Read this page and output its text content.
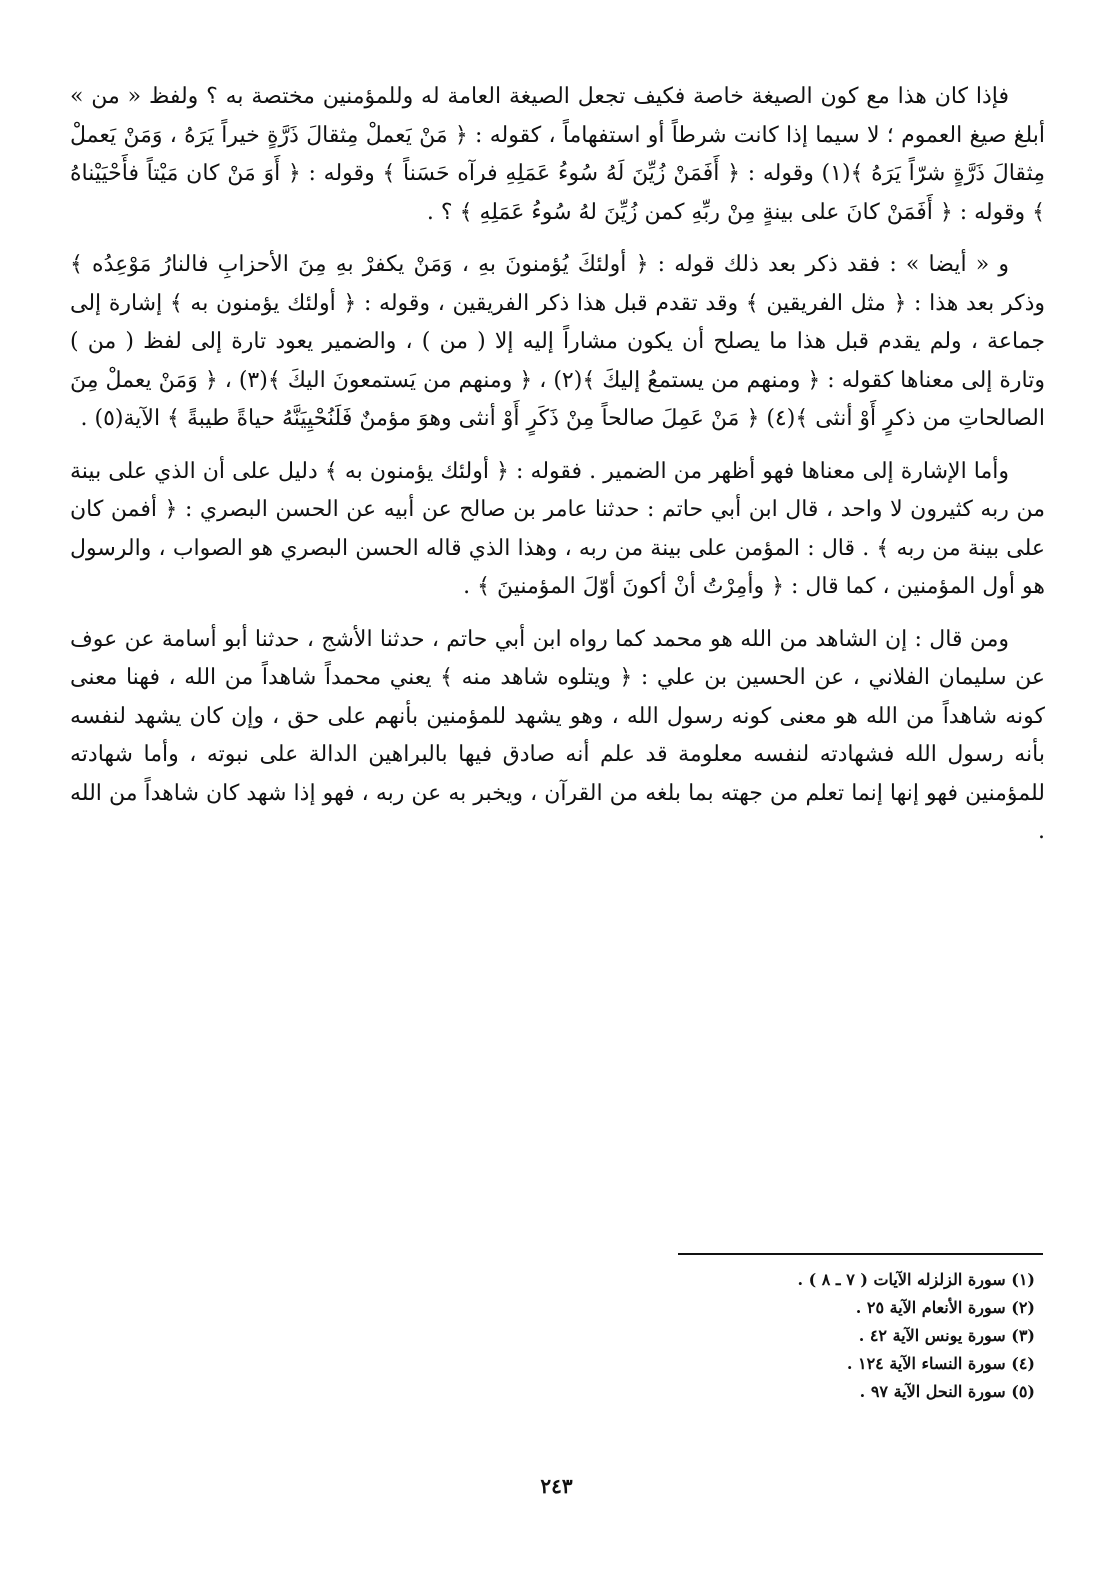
فإذا كان هذا مع كون الصيغة خاصة فكيف تجعل الصيغة العامة له وللمؤمنين مختصة به ؟ ولفظ « من » أبلغ صيغ العموم ؛ لا سيما إذا كانت شرطاً أو استفهاماً ، كقوله : ﴿ مَنْ يَعملْ مِثقالَ ذَرَّةٍ خيراً يَرَهُ ، وَمَنْ يَعملْ مِثقالَ ذَرَّةٍ شرّاً يَرَهُ ﴾(١) وقوله : ﴿ أَفَمَنْ زُيِّنَ لَهُ سُوءُ عَمَلِهِ فرآه حَسَناً ﴾ وقوله : ﴿ أَوَ مَنْ كان مَيْتاً فأَحْيَيْناهُ ﴾ وقوله : ﴿ أَفَمَنْ كانَ على بينةٍ مِنْ ربِّهِ كمن زُيِّنَ لهُ سُوءُ عَمَلِهِ ﴾ ؟ .

و « أيضا » : فقد ذكر بعد ذلك قوله : ﴿ أولئكَ يُؤمنونَ بهِ ، وَمَنْ يكفرْ بهِ مِنَ الأحزابِ فالنارُ مَوْعِدُه ﴾ وذكر بعد هذا : ﴿ مثل الفريقين ﴾ وقد تقدم قبل هذا ذكر الفريقين ، وقوله : ﴿ أولئك يؤمنون به ﴾ إشارة إلى جماعة ، ولم يقدم قبل هذا ما يصلح أن يكون مشاراً إليه إلا ( من ) ، والضمير يعود تارة إلى لفظ ( من ) وتارة إلى معناها كقوله : ﴿ ومنهم من يستمعُ إليكَ ﴾(٢) ، ﴿ ومنهم من يَستمعونَ اليكَ ﴾(٣) ، ﴿ وَمَنْ يعملْ مِنَ الصالحاتِ من ذكرٍ أَوْ أنثى ﴾(٤) ﴿ مَنْ عَمِلَ صالحاً مِنْ ذَكَرٍ أَوْ أنثى وهوَ مؤمنٌ فَلَنُحْيِيَنَّهُ حياةً طيبةً ﴾ الآية(٥) .

وأما الإشارة إلى معناها فهو أظهر من الضمير . فقوله : ﴿ أولئك يؤمنون به ﴾ دليل على أن الذي على بينة من ربه كثيرون لا واحد ، قال ابن أبي حاتم : حدثنا عامر بن صالح عن أبيه عن الحسن البصري : ﴿ أفمن كان على بينة من ربه ﴾ . قال : المؤمن على بينة من ربه ، وهذا الذي قاله الحسن البصري هو الصواب ، والرسول هو أول المؤمنين ، كما قال : ﴿ وأمِرْتُ أنْ أكونَ أوّلَ المؤمنينَ ﴾ .

ومن قال : إن الشاهد من الله هو محمد كما رواه ابن أبي حاتم ، حدثنا الأشج ، حدثنا أبو أسامة عن عوف عن سليمان الفلاني ، عن الحسين بن علي : ﴿ ويتلوه شاهد منه ﴾ يعني محمداً شاهداً من الله ، فهنا معنى كونه شاهداً من الله هو معنى كونه رسول الله ، وهو يشهد للمؤمنين بأنهم على حق ، وإن كان يشهد لنفسه بأنه رسول الله فشهادته لنفسه معلومة قد علم أنه صادق فيها بالبراهين الدالة على نبوته ، وأما شهادته للمؤمنين فهو إنها إنما تعلم من جهته بما بلغه من القرآن ، ويخبر به عن ربه ، فهو إذا شهد كان شاهداً من الله .

(١) سورة الزلزله الآيات ( ٧ ـ ٨ ) .
(٢) سورة الأنعام الآية ٢٥ .
(٣) سورة يونس الآية ٤٢ .
(٤) سورة النساء الآية ١٢٤ .
(٥) سورة النحل الآية ٩٧ .
٢٤٣
